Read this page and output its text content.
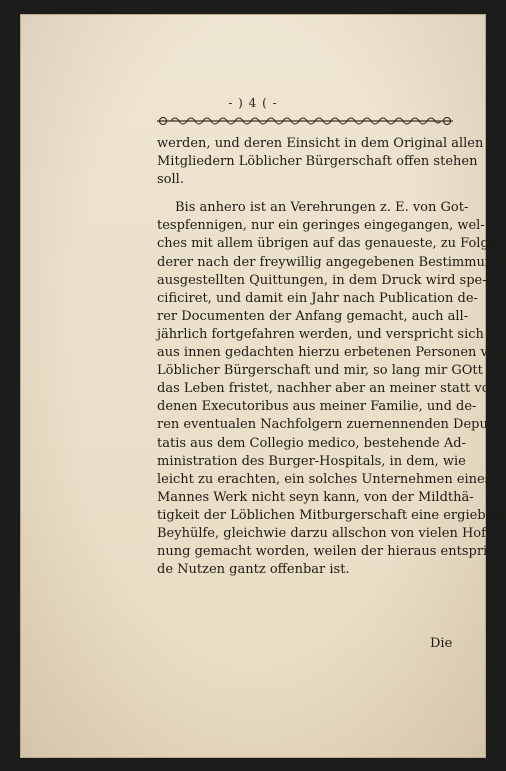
- ) 4 ( -
werden, und deren Einsicht in dem Original allen
Mitgliedern Löblicher Bürgerschaft offen stehen
soll.
Bis anhero ist an Verehrungen z. E. von Got-
tespfennigen, nur ein geringes eingegangen, wel-
ches mit allem übrigen auf das genaueste, zu Folge
derer nach der freywillig angegebenen Bestimmung
ausgestellten Quittungen, in dem Druck wird spe-
cificiret, und damit ein Jahr nach Publication de-
rer Documenten der Anfang gemacht, auch all-
jährlich fortgefahren werden, und verspricht sich
aus innen gedachten hierzu erbetenen Personen von
Löblicher Bürgerschaft und mir, so lang mir GOtt
das Leben fristet, nachher aber an meiner statt von
denen Executoribus aus meiner Familie, und de-
ren eventualen Nachfolgern zuernennenden Depu-
tatis aus dem Collegio medico, bestehende Ad-
ministration des Burger-Hospitals, in dem, wie
leicht zu erachten, ein solches Unternehmen eines
Mannes Werk nicht seyn kann, von der Mildthä-
tigkeit der Löblichen Mitburgerschaft eine ergiebige
Beyhülfe, gleichwie darzu allschon von vielen Hoff-
nung gemacht worden, weilen der hieraus entsprin-
de Nutzen gantz offenbar ist.
Die
